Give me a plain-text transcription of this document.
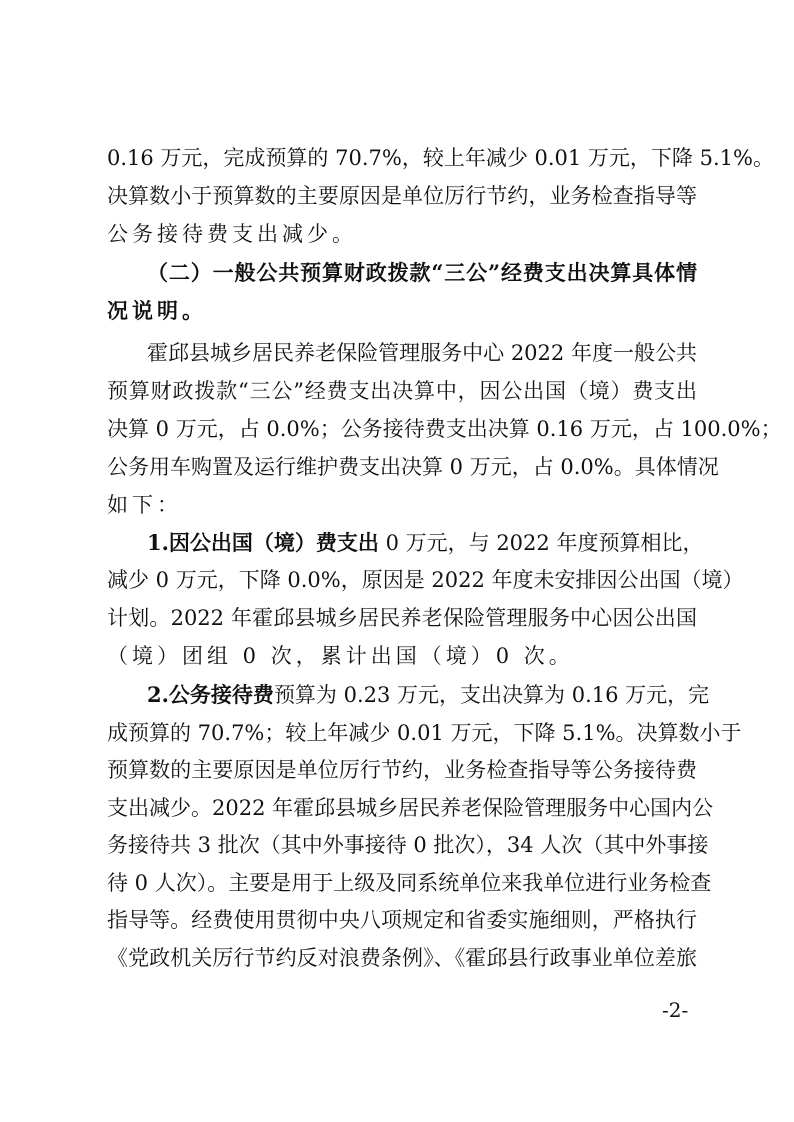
0.16 万元，完成预算的 70.7%，较上年减少 0.01 万元，下降 5.1%。
决算数小于预算数的主要原因是单位厉行节约，业务检查指导等
公务接待费支出减少。
（二）一般公共预算财政拨款“三公”经费支出决算具体情
况说明。
霍邱县城乡居民养老保险管理服务中心 2022 年度一般公共
预算财政拨款“三公”经费支出决算中，因公出国（境）费支出
决算 0 万元，占 0.0%；公务接待费支出决算 0.16 万元，占 100.0%；
公务用车购置及运行维护费支出决算 0 万元，占 0.0%。具体情况
如下：
1.因公出国（境）费支出 0 万元，与 2022 年度预算相比，
减少 0 万元，下降 0.0%，原因是 2022 年度未安排因公出国（境）
计划。2022 年霍邱县城乡居民养老保险管理服务中心因公出国
（境）团组 0 次，累计出国（境）0 次。
2.公务接待费预算为 0.23 万元，支出决算为 0.16 万元，完
成预算的 70.7%；较上年减少 0.01 万元，下降 5.1%。决算数小于
预算数的主要原因是单位厉行节约，业务检查指导等公务接待费
支出减少。2022 年霍邱县城乡居民养老保险管理服务中心国内公
务接待共 3 批次（其中外事接待 0 批次），34 人次（其中外事接
待 0 人次）。主要是用于上级及同系统单位来我单位进行业务检查
指导等。经费使用贯彻中央八项规定和省委实施细则，严格执行
《党政机关厉行节约反对浪费条例》、《霍邱县行政事业单位差旅
-2-
